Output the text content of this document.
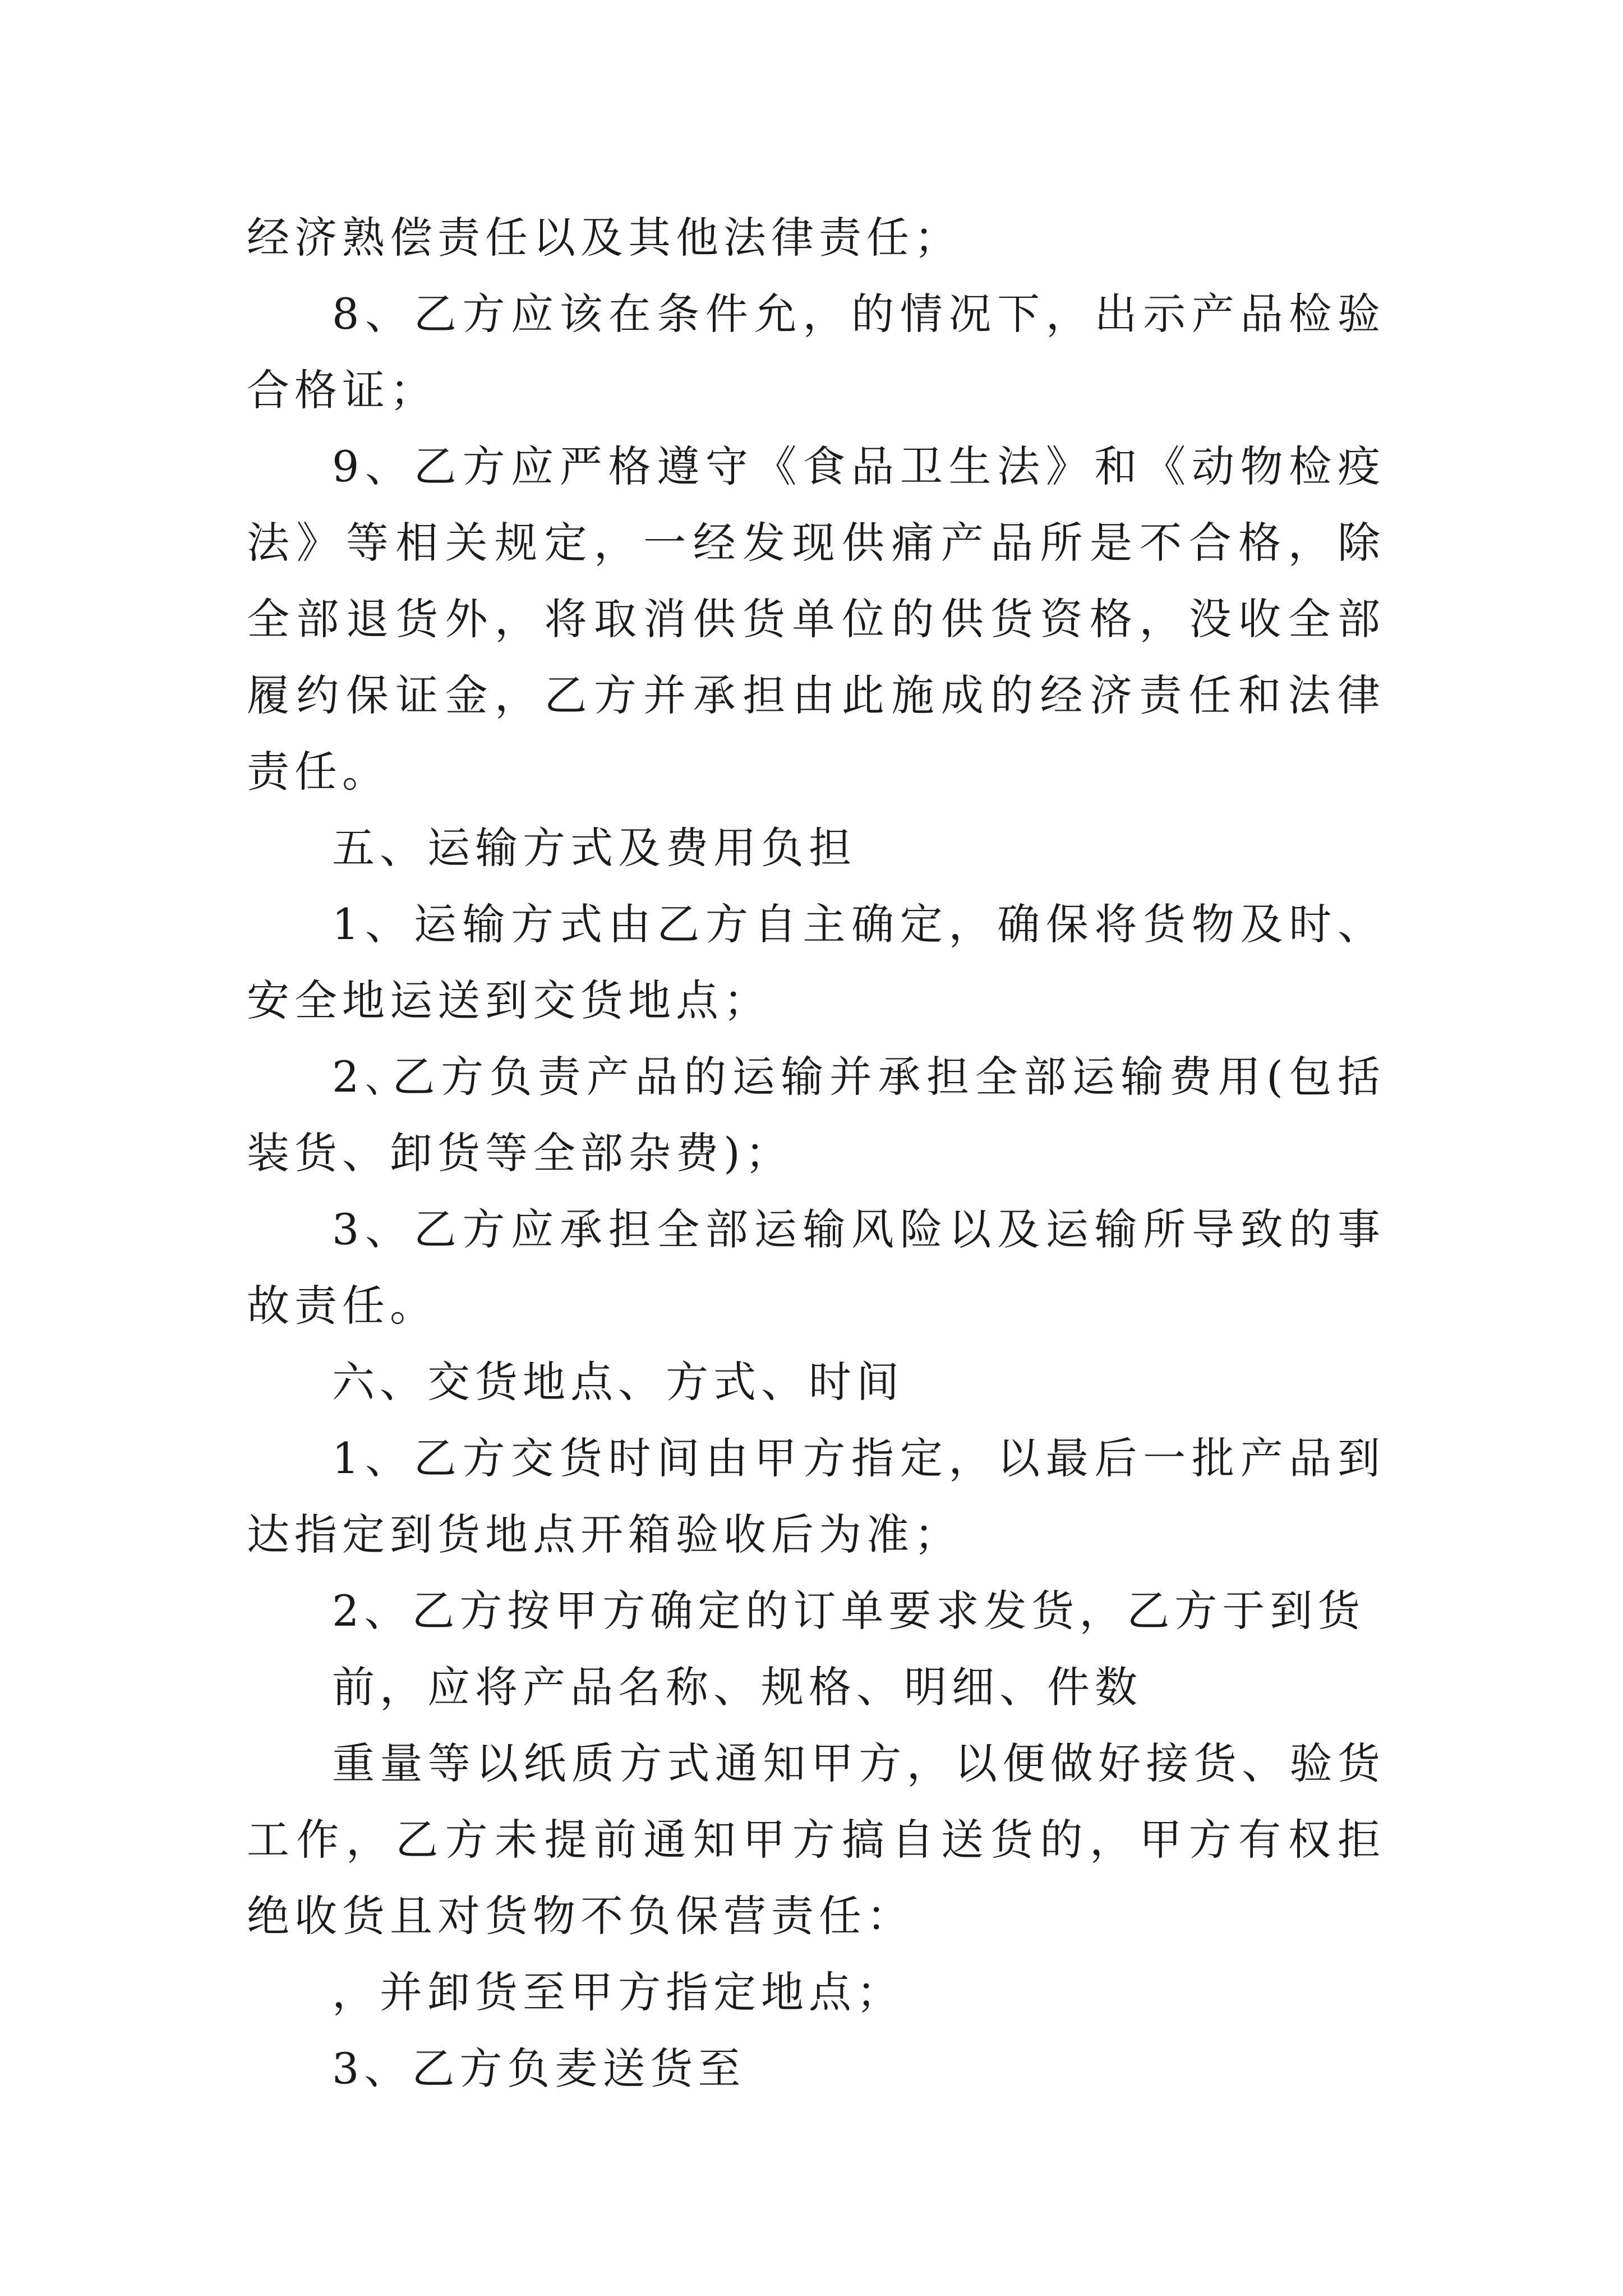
经济熟偿责任以及其他法律责任；

8、乙方应该在条件允，的情况下，出示产品检验合格证；

9、乙方应严格遵守《食品卫生法》和《动物检疫法》等相关规定，一经发现供痛产品所是不合格，除全部退货外，将取消供货单位的供货资格，没收全部履约保证金，乙方并承担由此施成的经济责任和法律责任。

五、运输方式及费用负担

1、运输方式由乙方自主确定，确保将货物及时、安全地运送到交货地点；

2､乙方负责产品的运输并承担全部运输费用(包括装货、卸货等全部杂费)；

3、乙方应承担全部运输风险以及运输所导致的事故责任。

六、交货地点、方式、时间

1、乙方交货时间由甲方指定，以最后一批产品到达指定到货地点开箱验收后为准；

2、乙方按甲方确定的订单要求发货，乙方于到货

前，应将产品名称、规格、明细、件数

重量等以纸质方式通知甲方，以便做好接货、验货工作，乙方未提前通知甲方搞自送货的，甲方有权拒绝收货且对货物不负保营责任：

，并卸货至甲方指定地点；

3、乙方负麦送货至
